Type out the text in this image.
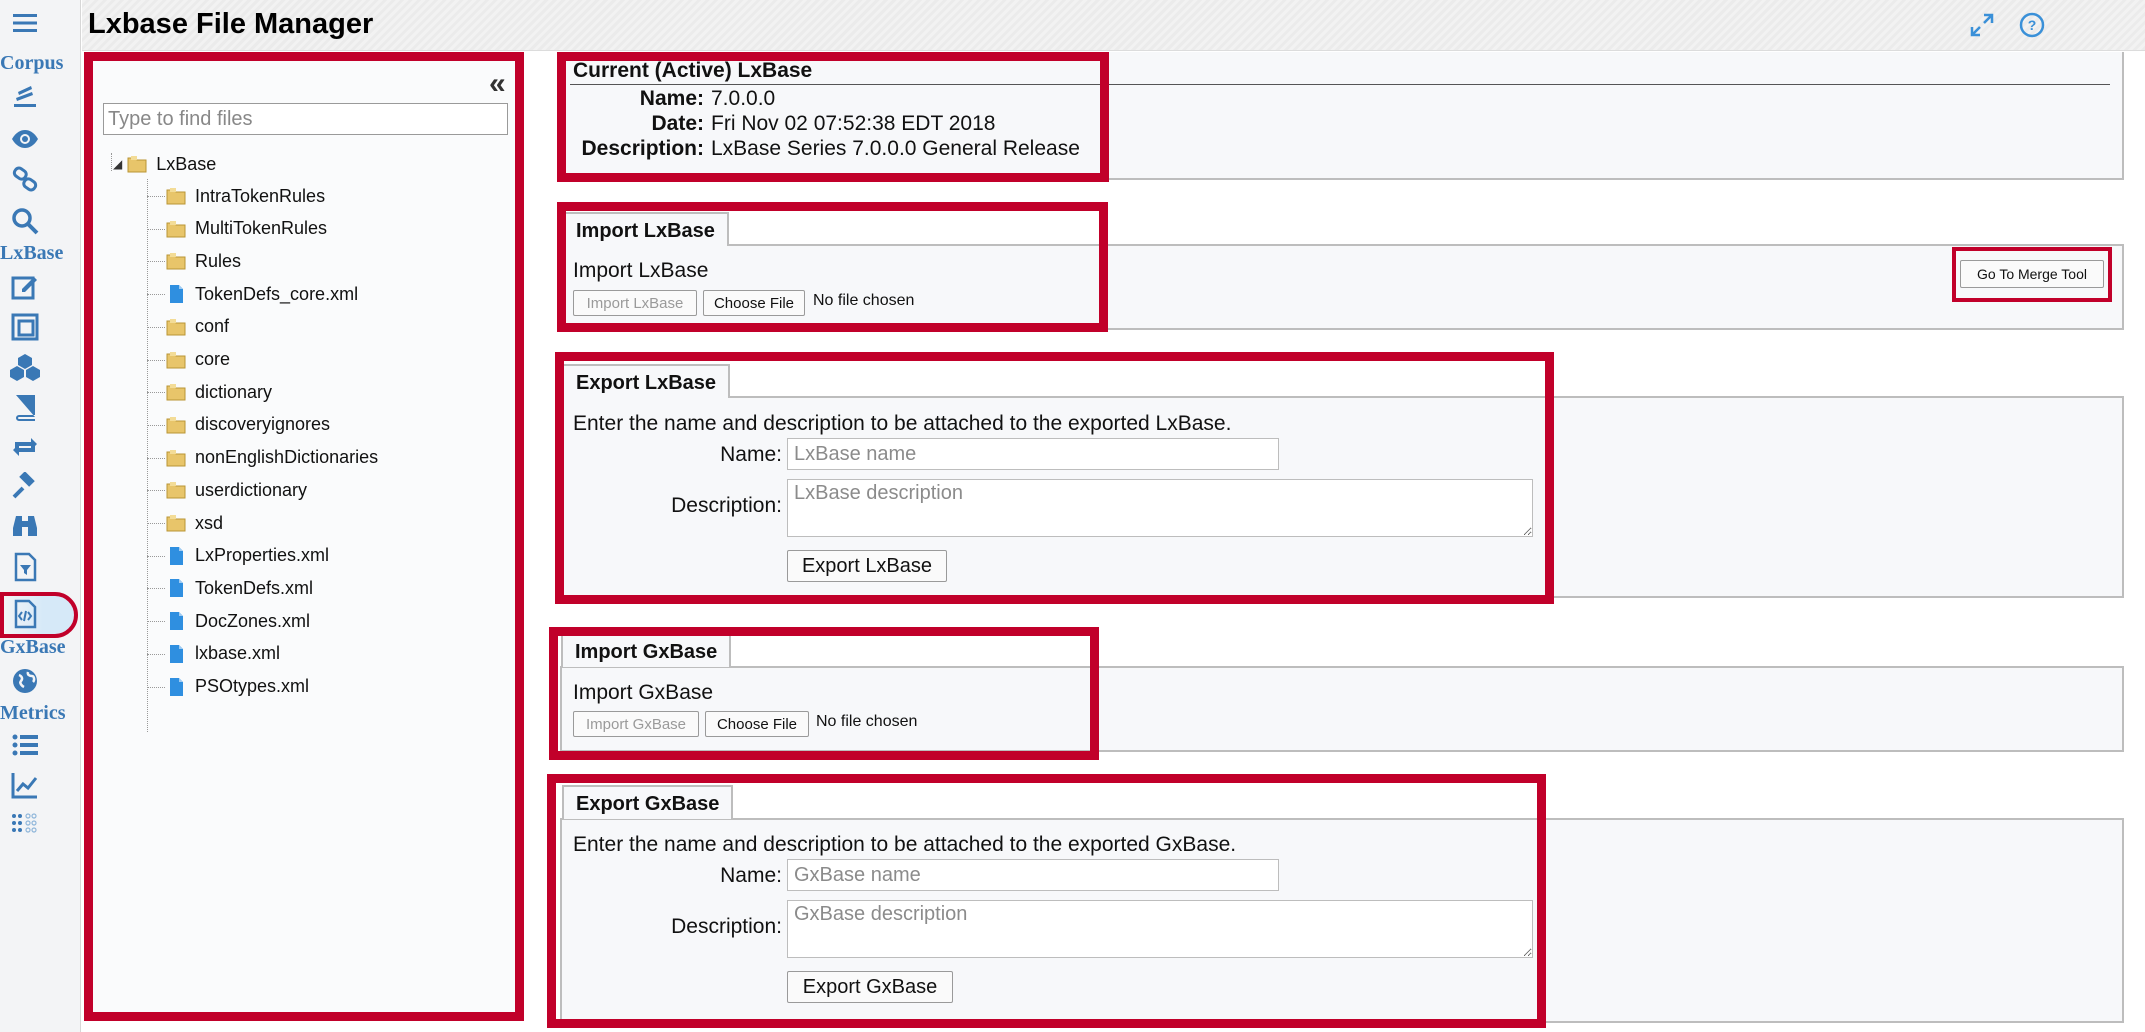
Corpus
LxBase
GxBase
Metrics
Lxbase File Manager	?
«
Type to find files
◢ LxBase
IntraTokenRules
MultiTokenRules
Rules
TokenDefs_core.xml
conf
core
dictionary
discoveryignores
nonEnglishDictionaries
userdictionary
xsd
LxProperties.xml
TokenDefs.xml
DocZones.xml
lxbase.xml
PSOtypes.xml
Current (Active) LxBase
Name: 7.0.0.0
Date: Fri Nov 02 07:52:38 EDT 2018
Description: LxBase Series 7.0.0.0 General Release
Import LxBase
Import LxBase
Import LxBase	Choose File	No file chosen
Go To Merge Tool
Export LxBase
Enter the name and description to be attached to the exported LxBase.
Name:
LxBase name
Description:
LxBase description
Export LxBase
Import GxBase
Import GxBase
Import GxBase	Choose File	No file chosen
Export GxBase
Enter the name and description to be attached to the exported GxBase.
Name:
GxBase name
Description:
GxBase description
Export GxBase
